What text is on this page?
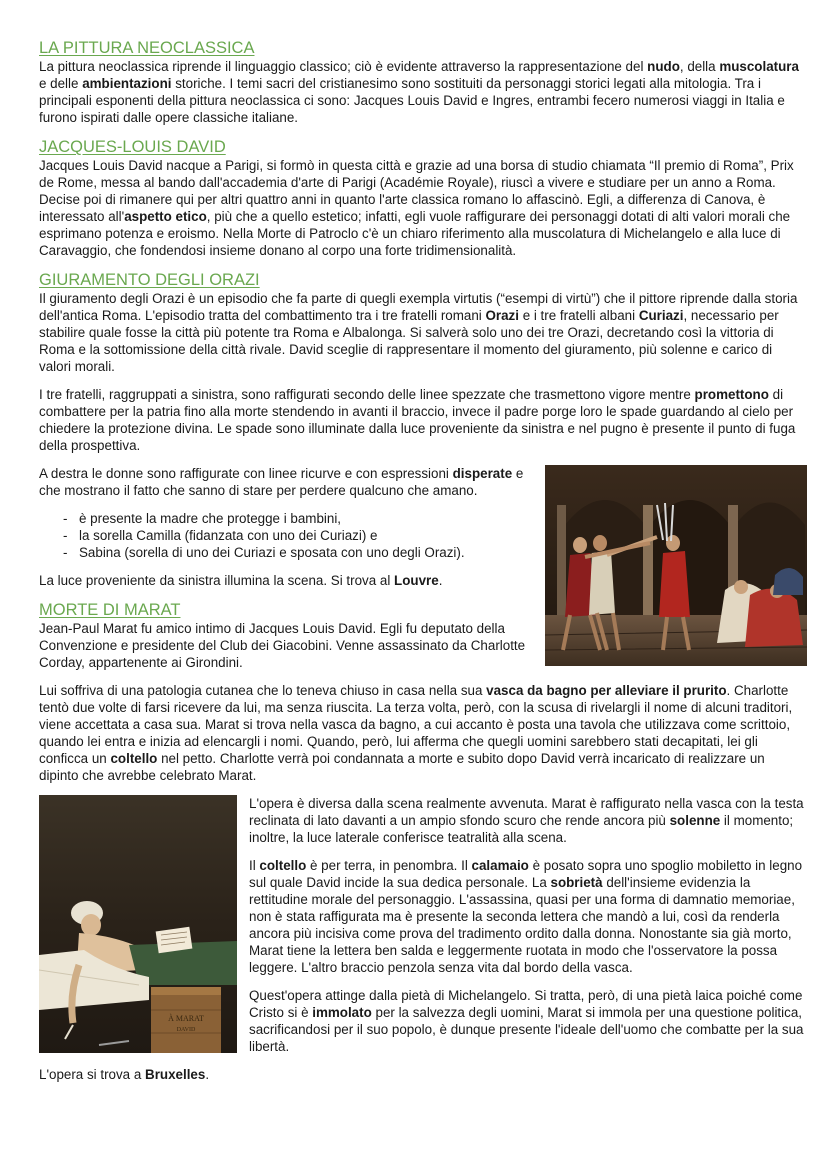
LA PITTURA NEOCLASSICA

La pittura neoclassica riprende il linguaggio classico; ciò è evidente attraverso la rappresentazione del nudo, della muscolatura e delle ambientazioni storiche. I temi sacri del cristianesimo sono sostituiti da personaggi storici legati alla mitologia. Tra i principali esponenti della pittura neoclassica ci sono: Jacques Louis David e Ingres, entrambi fecero numerosi viaggi in Italia e furono ispirati dalle opere classiche italiane.

JACQUES-LOUIS DAVID

Jacques Louis David nacque a Parigi, si formò in questa città e grazie ad una borsa di studio chiamata “Il premio di Roma”, Prix de Rome, messa al bando dall'accademia d'arte di Parigi (Académie Royale), riuscì a vivere e studiare per un anno a Roma. Decise poi di rimanere qui per altri quattro anni in quanto l'arte classica romano lo affascinò. Egli, a differenza di Canova, è interessato all'aspetto etico, più che a quello estetico; infatti, egli vuole raffigurare dei personaggi dotati di alti valori morali che esprimano potenza e eroismo. Nella Morte di Patroclo c'è un chiaro riferimento alla muscolatura di Michelangelo e alla luce di Caravaggio, che fondendosi insieme donano al corpo una forte tridimensionalità.

GIURAMENTO DEGLI ORAZI

Il giuramento degli Orazi è un episodio che fa parte di quegli exempla virtutis (“esempi di virtù”) che il pittore riprende dalla storia dell'antica Roma. L'episodio tratta del combattimento tra i tre fratelli romani Orazi e i tre fratelli albani Curiazi, necessario per stabilire quale fosse la città più potente tra Roma e Albalonga. Si salverà solo uno dei tre Orazi, decretando così la vittoria di Roma e la sottomissione della città rivale. David sceglie di rappresentare il momento del giuramento, più solenne e carico di valori morali.

I tre fratelli, raggruppati a sinistra, sono raffigurati secondo delle linee spezzate che trasmettono vigore mentre promettono di combattere per la patria fino alla morte stendendo in avanti il braccio, invece il padre porge loro le spade guardando al cielo per chiedere la protezione divina. Le spade sono illuminate dalla luce proveniente da sinistra e nel pugno è presente il punto di fuga della prospettiva.

A destra le donne sono raffigurate con linee ricurve e con espressioni disperate e che mostrano il fatto che sanno di stare per perdere qualcuno che amano.

- è presente la madre che protegge i bambini,
- la sorella Camilla (fidanzata con uno dei Curiazi) e
- Sabina (sorella di uno dei Curiazi e sposata con uno degli Orazi).

La luce proveniente da sinistra illumina la scena. Si trova al Louvre.

MORTE DI MARAT

Jean-Paul Marat fu amico intimo di Jacques Louis David. Egli fu deputato della Convenzione e presidente del Club dei Giacobini. Venne assassinato da Charlotte Corday, appartenente ai Girondini.

Lui soffriva di una patologia cutanea che lo teneva chiuso in casa nella sua vasca da bagno per alleviare il prurito. Charlotte tentò due volte di farsi ricevere da lui, ma senza riuscita. La terza volta, però, con la scusa di rivelargli il nome di alcuni traditori, viene accettata a casa sua. Marat si trova nella vasca da bagno, a cui accanto è posta una tavola che utilizzava come scrittoio, quando lei entra e inizia ad elencargli i nomi. Quando, però, lui afferma che quegli uomini sarebbero stati decapitati, lei gli conficca un coltello nel petto. Charlotte verrà poi condannata a morte e subito dopo David verrà incaricato di realizzare un dipinto che avrebbe celebrato Marat.

À MARAT
DAVID

L'opera è diversa dalla scena realmente avvenuta. Marat è raffigurato nella vasca con la testa reclinata di lato davanti a un ampio sfondo scuro che rende ancora più solenne il momento; inoltre, la luce laterale conferisce teatralità alla scena.

Il coltello è per terra, in penombra. Il calamaio è posato sopra uno spoglio mobiletto in legno sul quale David incide la sua dedica personale. La sobrietà dell'insieme evidenzia la rettitudine morale del personaggio. L'assassina, quasi per una forma di damnatio memoriae, non è stata raffigurata ma è presente la seconda lettera che mandò a lui, così da renderla ancora più incisiva come prova del tradimento ordito dalla donna. Nonostante sia già morto, Marat tiene la lettera ben salda e leggermente ruotata in modo che l'osservatore la possa leggere. L'altro braccio penzola senza vita dal bordo della vasca.

Quest'opera attinge dalla pietà di Michelangelo. Si tratta, però, di una pietà laica poiché come Cristo si è immolato per la salvezza degli uomini, Marat si immola per una questione politica, sacrificandosi per il suo popolo, è dunque presente l'ideale dell'uomo che combatte per la sua libertà.

L'opera si trova a Bruxelles.
